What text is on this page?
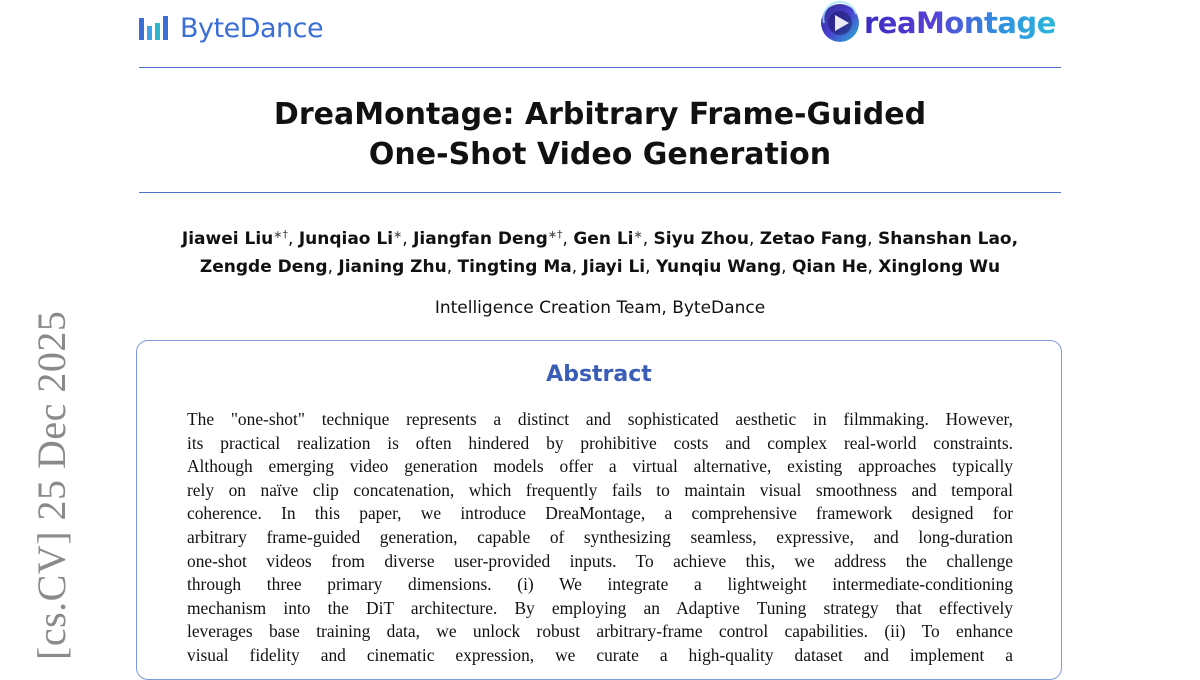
ByteDance	reaMontage
DreaMontage: Arbitrary Frame-Guided
One-Shot Video Generation
Jiawei Liu∗†, Junqiao Li∗, Jiangfan Deng∗†, Gen Li∗, Siyu Zhou, Zetao Fang, Shanshan Lao,
Zengde Deng, Jianing Zhu, Tingting Ma, Jiayi Li, Yunqiu Wang, Qian He, Xinglong Wu
Intelligence Creation Team, ByteDance
Abstract
The "one-shot" technique represents a distinct and sophisticated aesthetic in filmmaking. However,
its practical realization is often hindered by prohibitive costs and complex real-world constraints.
Although emerging video generation models offer a virtual alternative, existing approaches typically
rely on naïve clip concatenation, which frequently fails to maintain visual smoothness and temporal
coherence. In this paper, we introduce DreaMontage, a comprehensive framework designed for
arbitrary frame-guided generation, capable of synthesizing seamless, expressive, and long-duration
one-shot videos from diverse user-provided inputs. To achieve this, we address the challenge
through three primary dimensions. (i) We integrate a lightweight intermediate-conditioning
mechanism into the DiT architecture. By employing an Adaptive Tuning strategy that effectively
leverages base training data, we unlock robust arbitrary-frame control capabilities. (ii) To enhance
visual fidelity and cinematic expression, we curate a high-quality dataset and implement a
[cs.CV] 25 Dec 2025
